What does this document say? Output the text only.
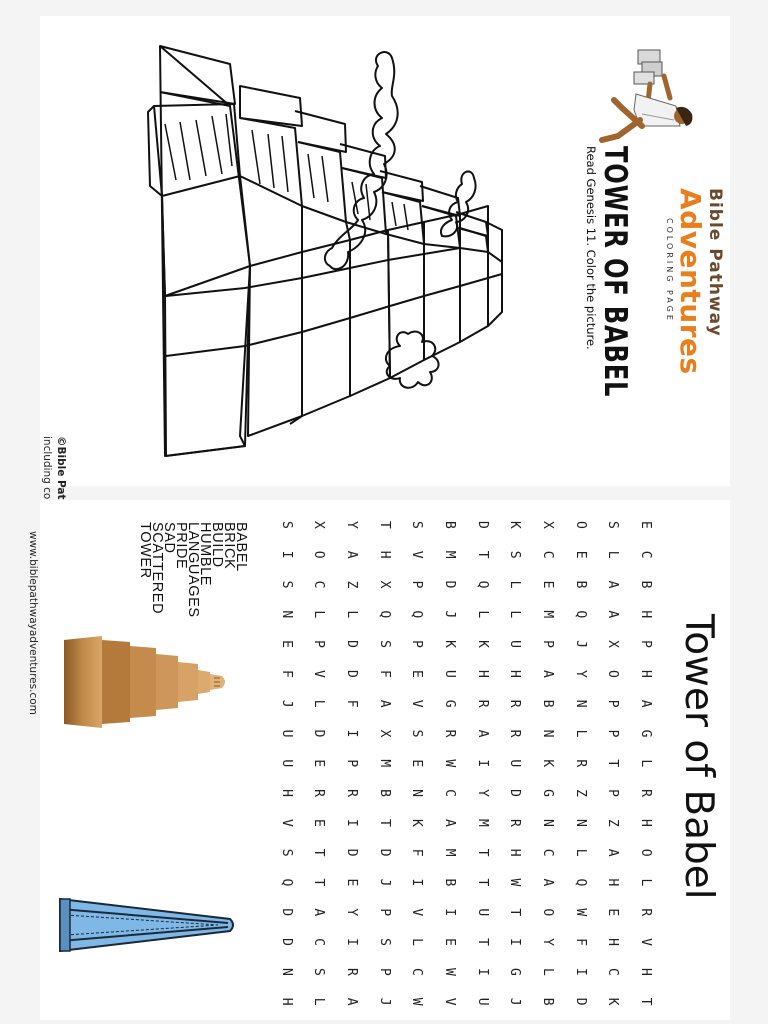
www.biblepathwayadventures.com
TOWER OF BABEL
Read Genesis 11. Color the picture.	Bible Pathway
Adventures
COLORING PAGE
Tower of Babel
E
C
B
H
P
H
A
G
L
R
H
O
L
R
V
H
T
S
L
A
A
X
O
P
P
T
P
Z
A
H
E
H
C
K
O
E
B
Q
J
Y
N
L
R
Z
N
L
Q
W
F
I
D
X
C
E
M
P
A
B
N
K
G
N
C
A
O
Y
L
B
K
S
L
L
U
H
R
R
U
D
R
H
W
T
I
G
J
D
T
Q
L
K
H
R
A
I
Y
M
T
T
U
T
I
U
B
M
D
J
K
U
G
R
W
C
A
M
B
I
E
W
V
S
V
P
Q
P
E
V
S
E
N
K
F
I
V
L
C
W
T
H
X
Q
S
F
A
X
M
B
T
D
J
P
S
P
J
Y
A
Z
L
D
D
F
I
P
R
I
D
E
Y
I
R
A
X
O
C
L
P
V
L
D
E
R
E
T
T
A
C
S
L
S
I
S
N
E
F
J
U
U
H
V
S
Q
D
D
N
H
BABEL
BRICK
BUILD
HUMBLE
LANGUAGES
PRIDE
SAD
SCATTERED
TOWER
